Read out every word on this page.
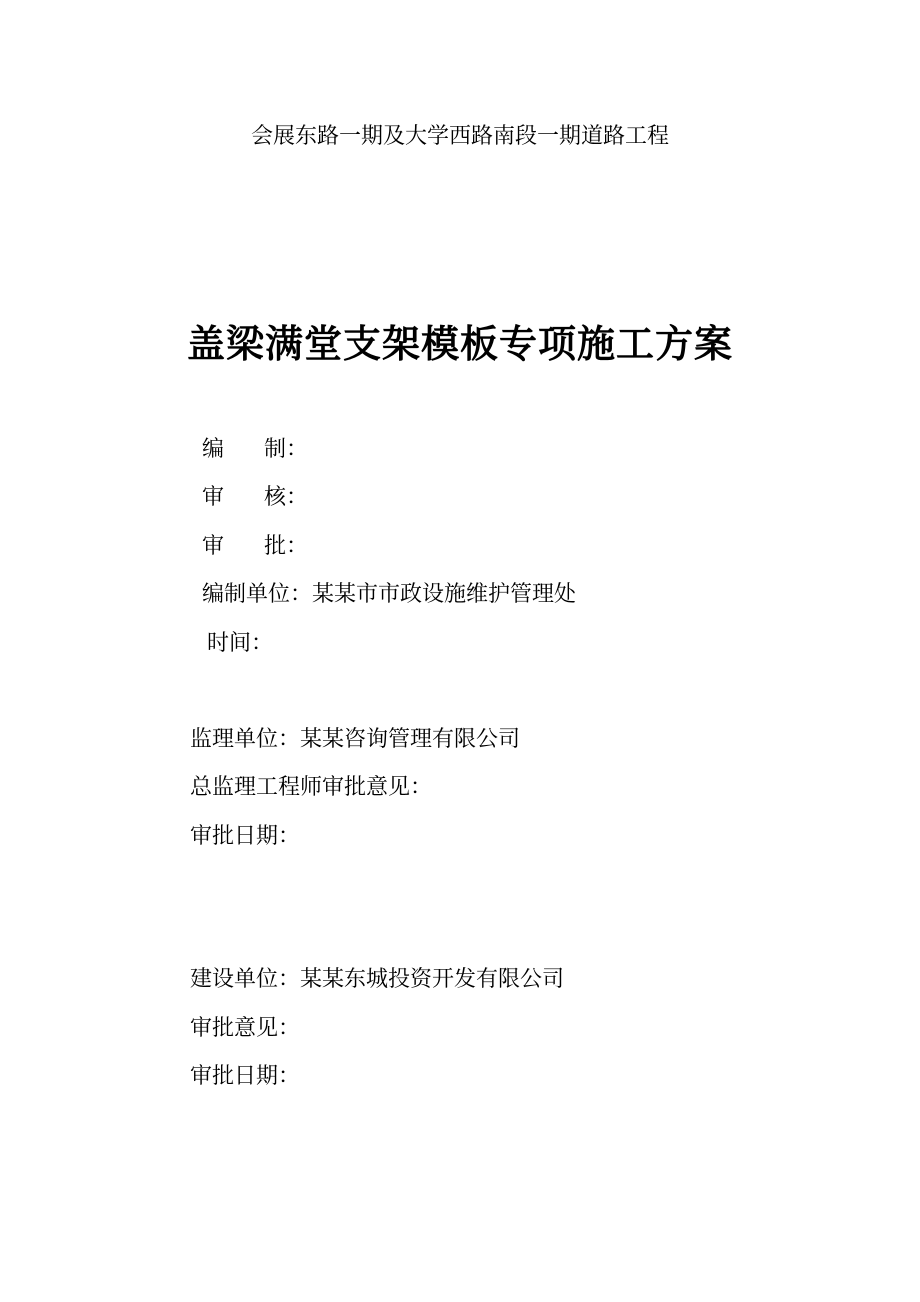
会展东路一期及大学西路南段一期道路工程
盖梁满堂支架模板专项施工方案
编 制：
审 核：
审 批：
编制单位：某某市市政设施维护管理处
时间：
监理单位：某某咨询管理有限公司
总监理工程师审批意见：
审批日期：
建设单位：某某东城投资开发有限公司
审批意见：
审批日期：
